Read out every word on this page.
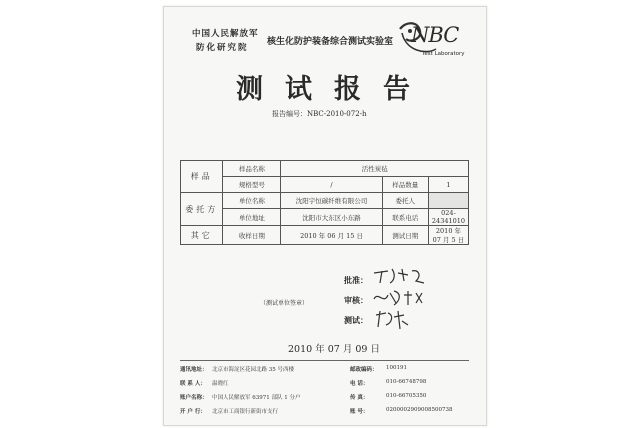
中国人民解放军
防化研究院
核生化防护装备综合测试实验室 NBC
Test Laboratory
测试报告
报告编号：NBC-2010-072-h
样品	样品名称	活性炭毡		
	规格型号	/	样品数量	1
委托方	单位名称	沈阳宇恒碳纤维有限公司	委托人	
	单位地址	沈阳市大东区小东路	联系电话	024-24341010
其它	收样日期	2010 年 06 月 15 日	测试日期	2010 年 07 月 5 日
批准：
（测试单位签章）	审核：
测试：
2010 年 07 月 09 日
通讯地址： 北京市海淀区花园北路 35 号西楼	邮政编码： 100191
联 系 人： 温晓红	电 话：	010-66748798
账户名称： 中国人民解放军 63971 部队 1 分户	传 真：	010-66705350
开 户 行： 北京市工商银行新街市支行	账 号：	0200002909008500738
